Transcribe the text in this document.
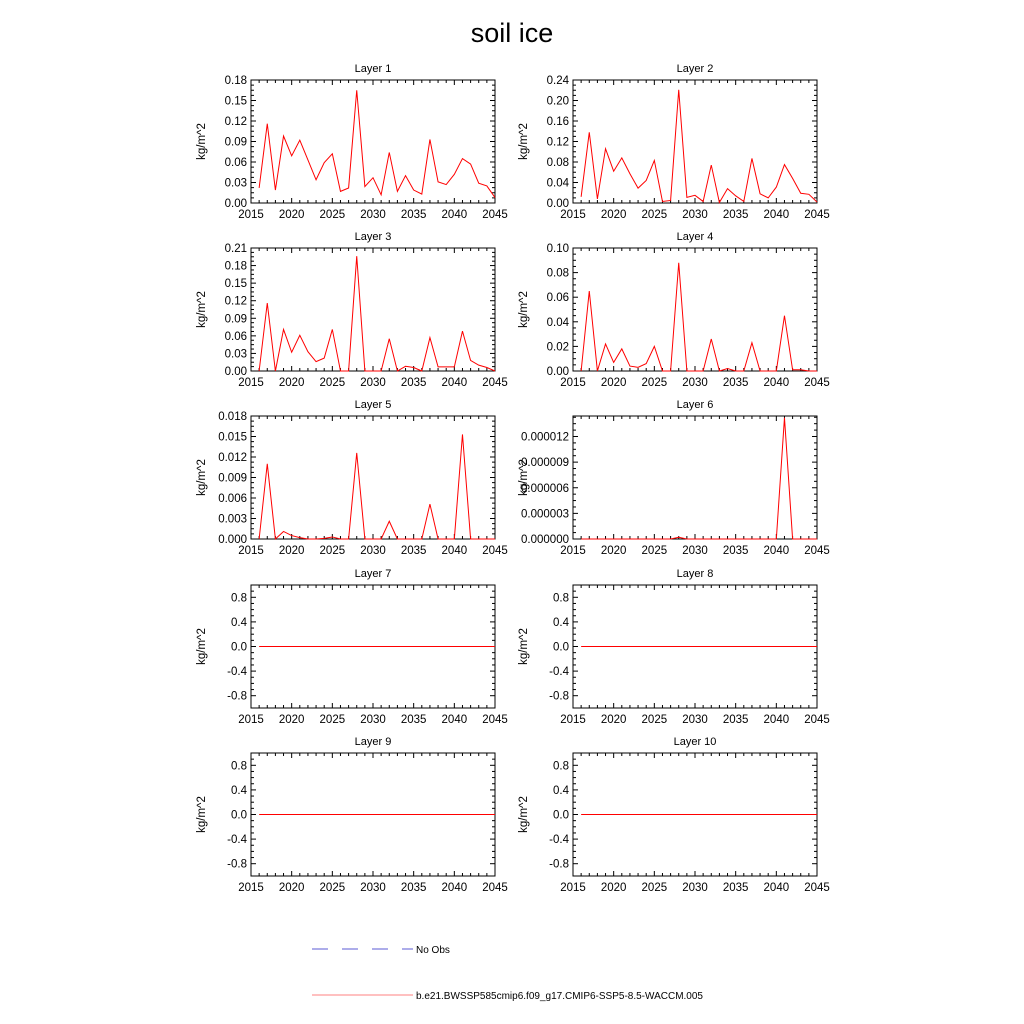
soil ice
Layer 1
2015 2020 2025 2030 2035 2040 2045
0.00
0.03
0.06
0.09
0.12
0.15
0.18
kg/m^2
Layer 2
2015 2020 2025 2030 2035 2040 2045
0.00
0.04
0.08
0.12
0.16
0.20
0.24
kg/m^2
Layer 3
2015 2020 2025 2030 2035 2040 2045
0.00
0.03
0.06
0.09
0.12
0.15
0.18
0.21
kg/m^2
Layer 4
2015 2020 2025 2030 2035 2040 2045
0.00
0.02
0.04
0.06
0.08
0.10
kg/m^2
Layer 5
2015 2020 2025 2030 2035 2040 2045
0.000
0.003
0.006
0.009
0.012
0.015
0.018
kg/m^2
Layer 6
2015 2020 2025 2030 2035 2040 2045
0.000000
0.000003
0.000006
0.000009
0.000012
kg/m^2
Layer 7
2015 2020 2025 2030 2035 2040 2045
-0.8
-0.4
0.0
0.4
0.8
kg/m^2
Layer 8
2015 2020 2025 2030 2035 2040 2045
-0.8
-0.4
0.0
0.4
0.8
kg/m^2
Layer 9
2015 2020 2025 2030 2035 2040 2045
-0.8
-0.4
0.0
0.4
0.8
kg/m^2
Layer 10
2015 2020 2025 2030 2035 2040 2045
-0.8
-0.4
0.0
0.4
0.8
kg/m^2
No Obs
b.e21.BWSSP585cmip6.f09_g17.CMIP6-SSP5-8.5-WACCM.005
